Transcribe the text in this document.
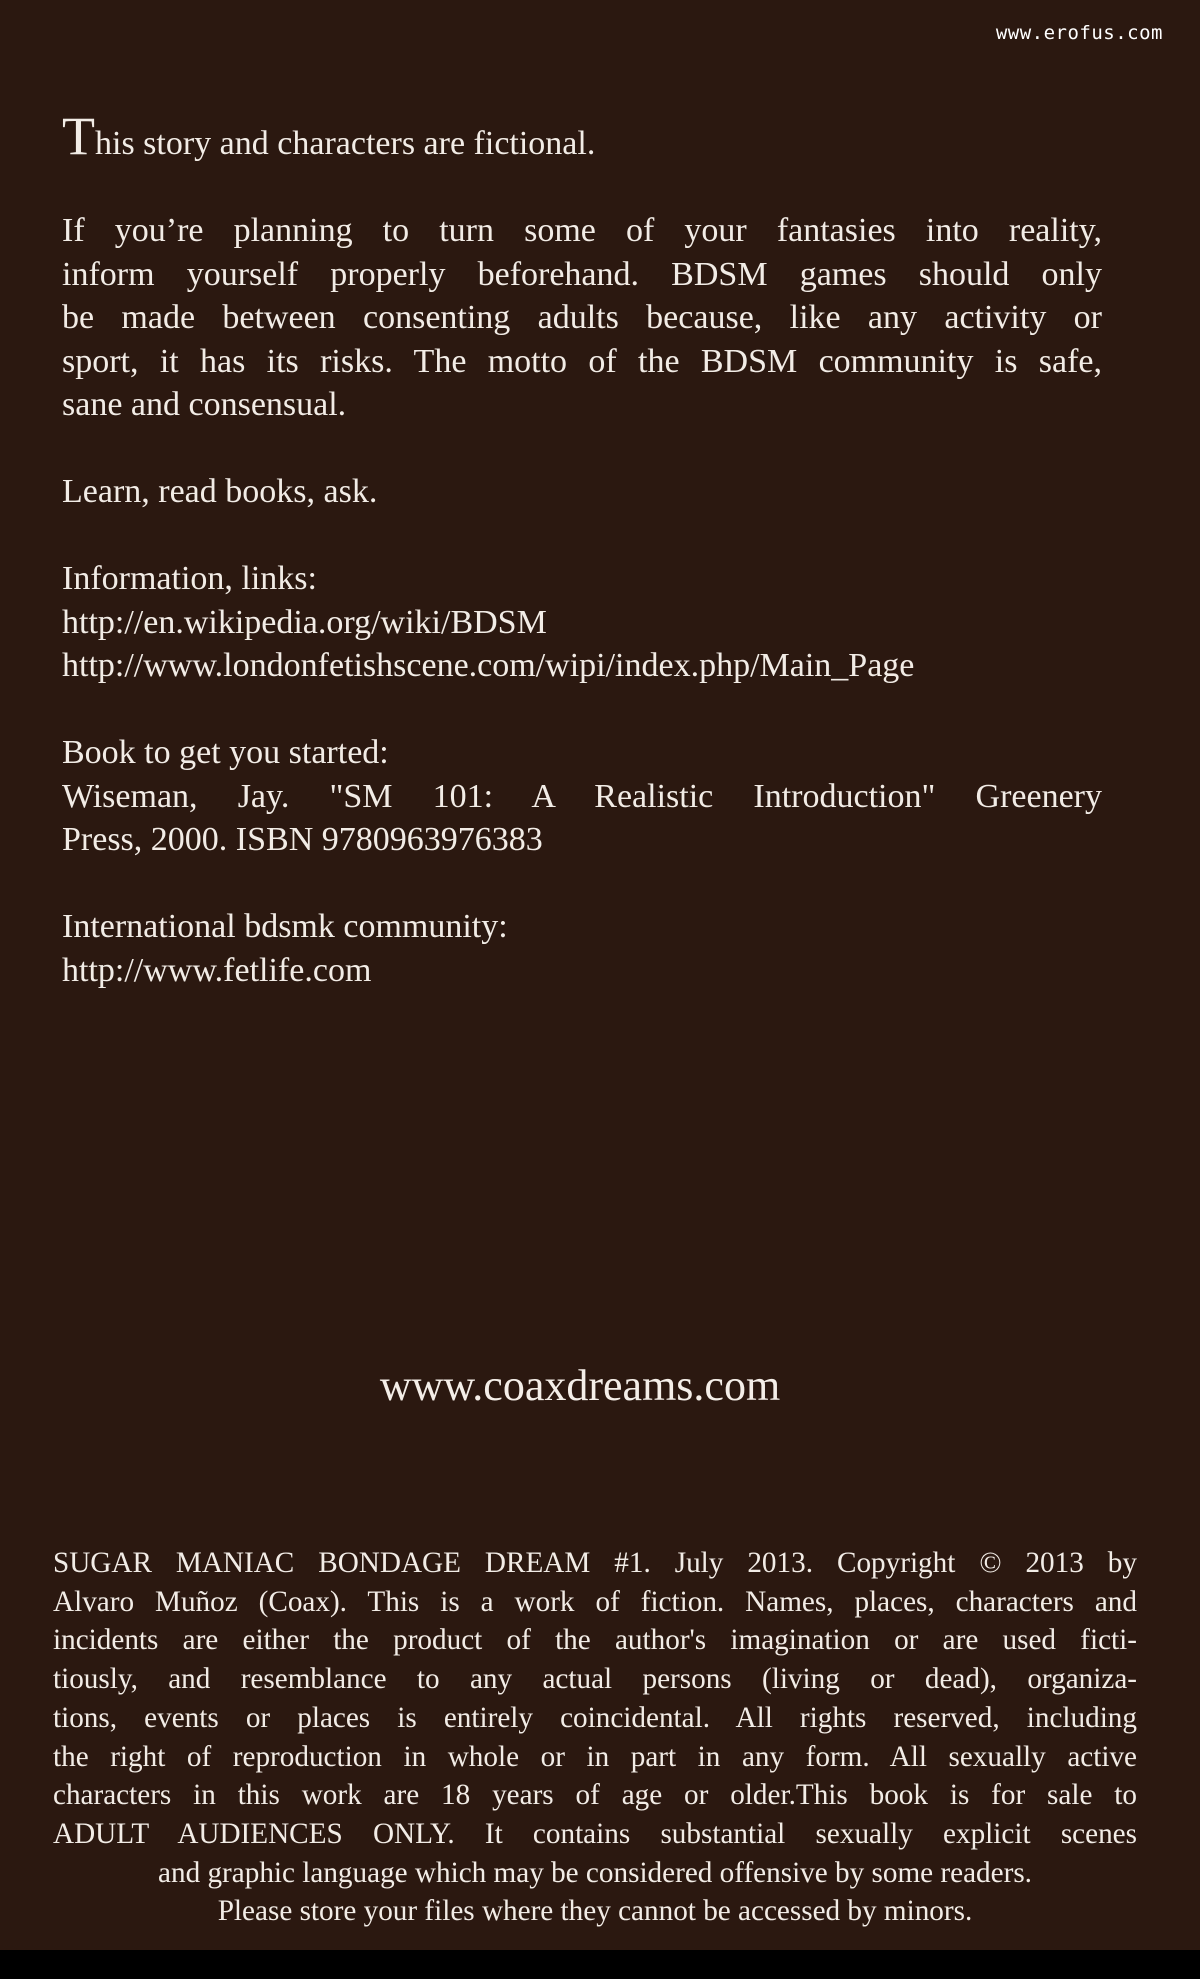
www.erofus.com

This story and characters are fictional.

If you’re planning to turn some of your fantasies into reality,
inform yourself properly beforehand. BDSM games should only
be made between consenting adults because, like any activity or
sport, it has its risks. The motto of the BDSM community is safe,
sane and consensual.

Learn, read books, ask.

Information, links:
http://en.wikipedia.org/wiki/BDSM
http://www.londonfetishscene.com/wipi/index.php/Main_Page
Book to get you started:
Wiseman, Jay. "SM 101: A Realistic Introduction" Greenery
Press, 2000. ISBN 9780963976383
International bdsmk community:
http://www.fetlife.com
www.coaxdreams.com
SUGAR MANIAC BONDAGE DREAM #1. July 2013. Copyright © 2013 by
Alvaro Muñoz (Coax). This is a work of fiction. Names, places, characters and
incidents are either the product of the author's imagination or are used ficti-
tiously, and resemblance to any actual persons (living or dead), organiza-
tions, events or places is entirely coincidental. All rights reserved, including
the right of reproduction in whole or in part in any form. All sexually active
characters in this work are 18 years of age or older.This book is for sale to
ADULT AUDIENCES ONLY. It contains substantial sexually explicit scenes
and graphic language which may be considered offensive by some readers.
Please store your files where they cannot be accessed by minors.
